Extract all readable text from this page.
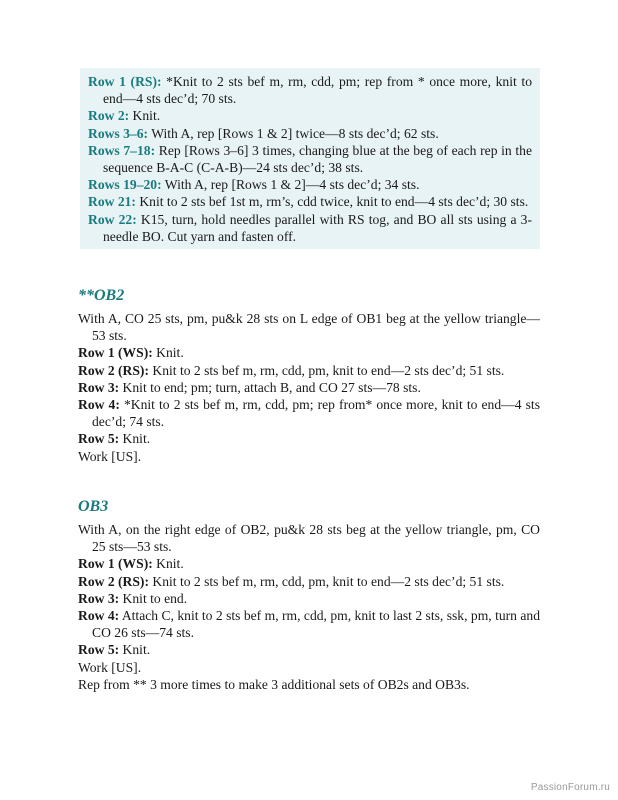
Row 1 (RS): *Knit to 2 sts bef m, rm, cdd, pm; rep from * once more, knit to end—4 sts dec’d; 70 sts.

Row 2: Knit.

Rows 3–6: With A, rep [Rows 1 & 2] twice—8 sts dec’d; 62 sts.

Rows 7–18: Rep [Rows 3–6] 3 times, changing blue at the beg of each rep in the sequence B-A-C (C-A-B)—24 sts dec’d; 38 sts.

Rows 19–20: With A, rep [Rows 1 & 2]—4 sts dec’d; 34 sts.

Row 21: Knit to 2 sts bef 1st m, rm’s, cdd twice, knit to end—4 sts dec’d; 30 sts.

Row 22: K15, turn, hold needles parallel with RS tog, and BO all sts using a 3-needle BO. Cut yarn and fasten off.

**OB2

With A, CO 25 sts, pm, pu&k 28 sts on L edge of OB1 beg at the yellow triangle—53 sts.

Row 1 (WS): Knit.

Row 2 (RS): Knit to 2 sts bef m, rm, cdd, pm, knit to end—2 sts dec’d; 51 sts.

Row 3: Knit to end; pm; turn, attach B, and CO 27 sts—78 sts.

Row 4: *Knit to 2 sts bef m, rm, cdd, pm; rep from* once more, knit to end—4 sts dec’d; 74 sts.

Row 5: Knit.

Work [US].

OB3

With A, on the right edge of OB2, pu&k 28 sts beg at the yellow triangle, pm, CO 25 sts—53 sts.

Row 1 (WS): Knit.

Row 2 (RS): Knit to 2 sts bef m, rm, cdd, pm, knit to end—2 sts dec’d; 51 sts.

Row 3: Knit to end.

Row 4: Attach C, knit to 2 sts bef m, rm, cdd, pm, knit to last 2 sts, ssk, pm, turn and CO 26 sts—74 sts.

Row 5: Knit.

Work [US].

Rep from ** 3 more times to make 3 additional sets of OB2s and OB3s.

PassionForum.ru
